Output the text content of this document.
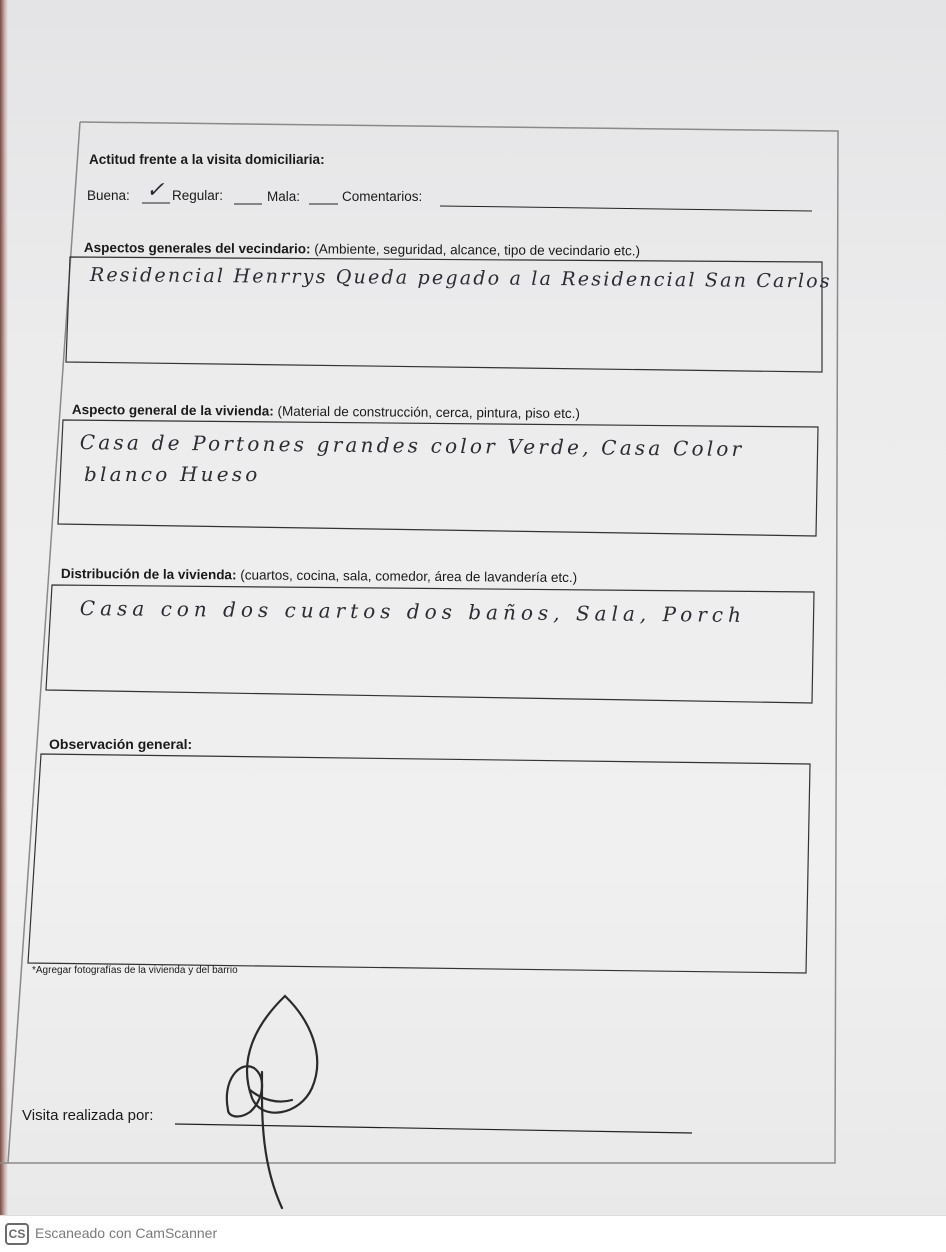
Actitud frente a la visita domiciliaria:
Buena: ✓ Regular:	Mala:	Comentarios:
Aspectos generales del vecindario: (Ambiente, seguridad, alcance, tipo de vecindario etc.)
Residencial Henrrys Queda pegado a la Residencial San Carlos
Aspecto general de la vivienda: (Material de construcción, cerca, pintura, piso etc.)
Casa de Portones grandes color Verde, Casa Color
blanco Hueso
Distribución de la vivienda: (cuartos, cocina, sala, comedor, área de lavandería etc.)
Casa con dos cuartos dos baños, Sala, Porch
Observación general:
*Agregar fotografías de la vivienda y del barrio
Visita realizada por:
CS Escaneado con CamScanner
